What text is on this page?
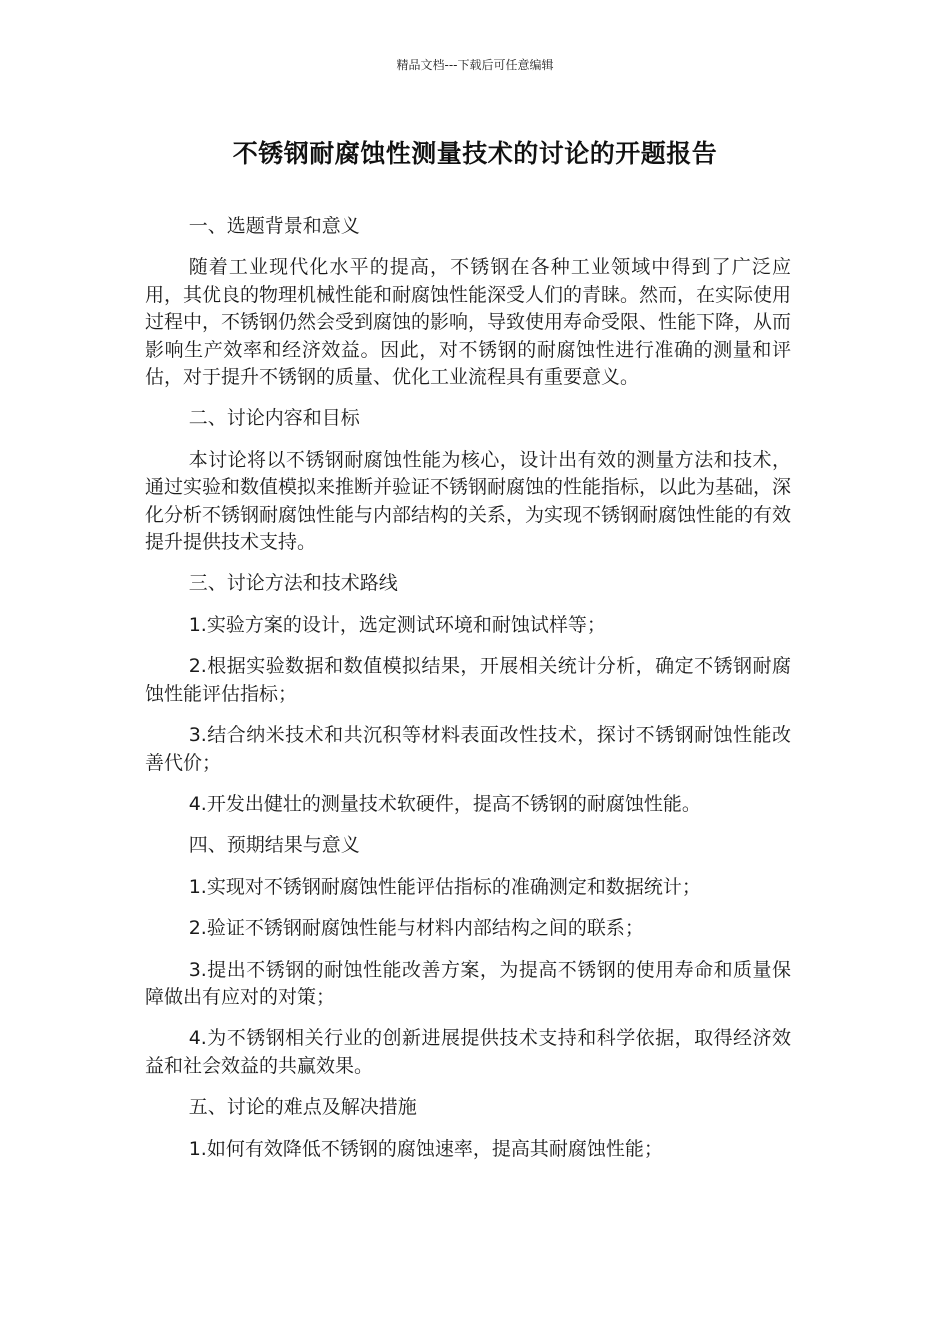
精品文档---下载后可任意编辑
不锈钢耐腐蚀性测量技术的讨论的开题报告
一、选题背景和意义

随着工业现代化水平的提高，不锈钢在各种工业领域中得到了广泛应用，其优良的物理机械性能和耐腐蚀性能深受人们的青睐。然而，在实际使用过程中，不锈钢仍然会受到腐蚀的影响，导致使用寿命受限、性能下降，从而影响生产效率和经济效益。因此，对不锈钢的耐腐蚀性进行准确的测量和评估，对于提升不锈钢的质量、优化工业流程具有重要意义。

二、讨论内容和目标

本讨论将以不锈钢耐腐蚀性能为核心，设计出有效的测量方法和技术，通过实验和数值模拟来推断并验证不锈钢耐腐蚀的性能指标，以此为基础，深化分析不锈钢耐腐蚀性能与内部结构的关系，为实现不锈钢耐腐蚀性能的有效提升提供技术支持。

三、讨论方法和技术路线

1.实验方案的设计，选定测试环境和耐蚀试样等；

2.根据实验数据和数值模拟结果，开展相关统计分析，确定不锈钢耐腐蚀性能评估指标；

3.结合纳米技术和共沉积等材料表面改性技术，探讨不锈钢耐蚀性能改善代价；

4.开发出健壮的测量技术软硬件，提高不锈钢的耐腐蚀性能。

四、预期结果与意义

1.实现对不锈钢耐腐蚀性能评估指标的准确测定和数据统计；

2.验证不锈钢耐腐蚀性能与材料内部结构之间的联系；

3.提出不锈钢的耐蚀性能改善方案，为提高不锈钢的使用寿命和质量保障做出有应对的对策；

4.为不锈钢相关行业的创新进展提供技术支持和科学依据，取得经济效益和社会效益的共赢效果。

五、讨论的难点及解决措施

1.如何有效降低不锈钢的腐蚀速率，提高其耐腐蚀性能；
